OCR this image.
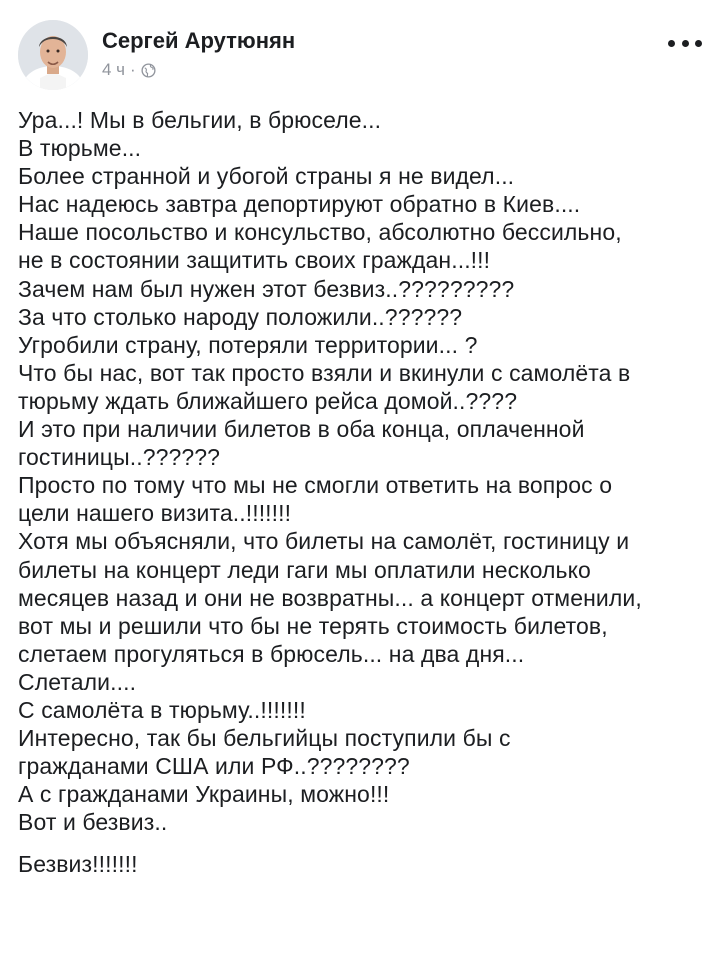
Сергей Арутюнян
4 ч ·

Ура...! Мы в бельгии, в брюселе...

В тюрьме...

Более странной и убогой страны я не видел...

Нас надеюсь завтра депортируют обратно в Киев....

Наше посольство и консульство, абсолютно бессильно,

не в состоянии защитить своих граждан...!!!

Зачем нам был нужен этот безвиз..?????????

За что столько народу положили..??????

Угробили страну, потеряли территории... ?

Что бы нас, вот так просто взяли и вкинули с самолёта в

тюрьму ждать ближайшего рейса домой..????

И это при наличии билетов в оба конца, оплаченной

гостиницы..??????

Просто по тому что мы не смогли ответить на вопрос о

цели нашего визита..!!!!!!!

Хотя мы объясняли, что билеты на самолёт, гостиницу и

билеты на концерт леди гаги мы оплатили несколько

месяцев назад и они не возвратны... а концерт отменили,

вот мы и решили что бы не терять стоимость билетов,

слетаем прогуляться в брюсель... на два дня...

Слетали....

С самолёта в тюрьму..!!!!!!!

Интересно, так бы бельгийцы поступили бы с

гражданами США или РФ..????????

А с гражданами Украины, можно!!!

Вот и безвиз..

Безвиз!!!!!!!
